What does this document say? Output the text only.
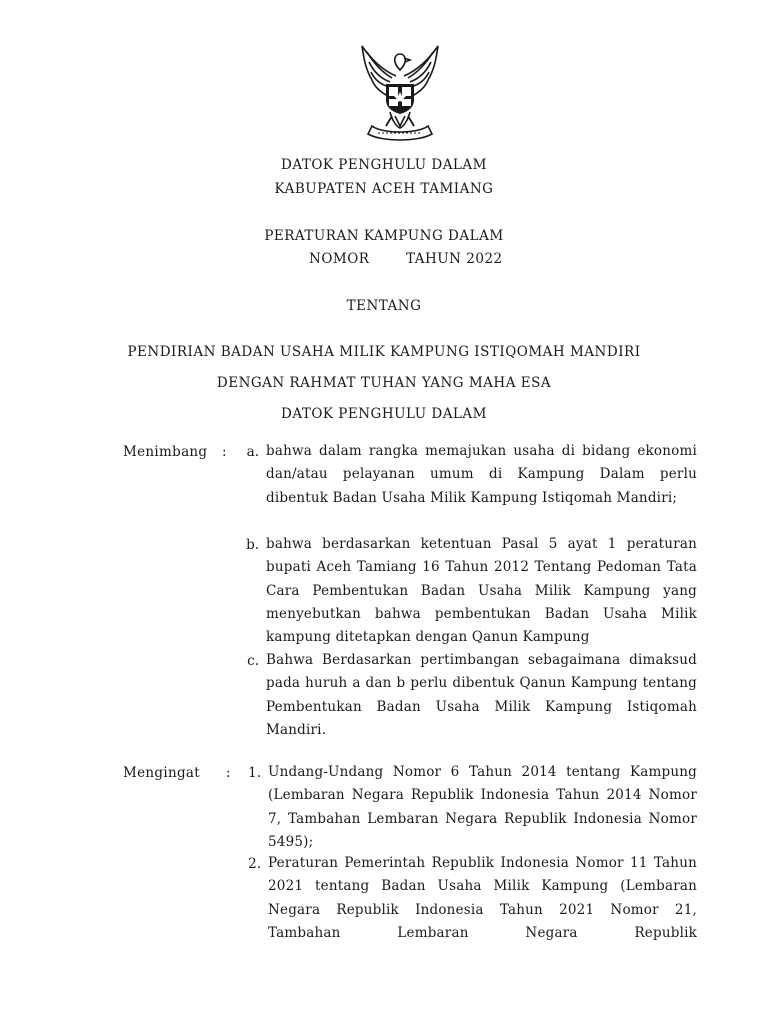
DATOK PENGHULU DALAM
KABUPATEN ACEH TAMIANG
PERATURAN KAMPUNG DALAM
NOMOR	TAHUN 2022
TENTANG
PENDIRIAN BADAN USAHA MILIK KAMPUNG ISTIQOMAH MANDIRI
DENGAN RAHMAT TUHAN YANG MAHA ESA
DATOK PENGHULU DALAM
Menimbang :	a. bahwa dalam rangka memajukan usaha di bidang ekonomi dan/atau pelayanan umum di Kampung Dalam perlu dibentuk Badan Usaha Milik Kampung Istiqomah Mandiri;
b. bahwa berdasarkan ketentuan Pasal 5 ayat 1 peraturan bupati Aceh Tamiang 16 Tahun 2012 Tentang Pedoman Tata Cara Pembentukan Badan Usaha Milik Kampung yang menyebutkan bahwa pembentukan Badan Usaha Milik kampung ditetapkan dengan Qanun Kampung
c. Bahwa Berdasarkan pertimbangan sebagaimana dimaksud pada huruh a dan b perlu dibentuk Qanun Kampung tentang Pembentukan Badan Usaha Milik Kampung Istiqomah Mandiri.
Mengingat :	1. Undang-Undang Nomor 6 Tahun 2014 tentang Kampung (Lembaran Negara Republik Indonesia Tahun 2014 Nomor 7, Tambahan Lembaran Negara Republik Indonesia Nomor 5495);
2. Peraturan Pemerintah Republik Indonesia Nomor 11 Tahun 2021 tentang Badan Usaha Milik Kampung (Lembaran Negara Republik Indonesia Tahun 2021 Nomor 21, Tambahan Lembaran Negara Republik
